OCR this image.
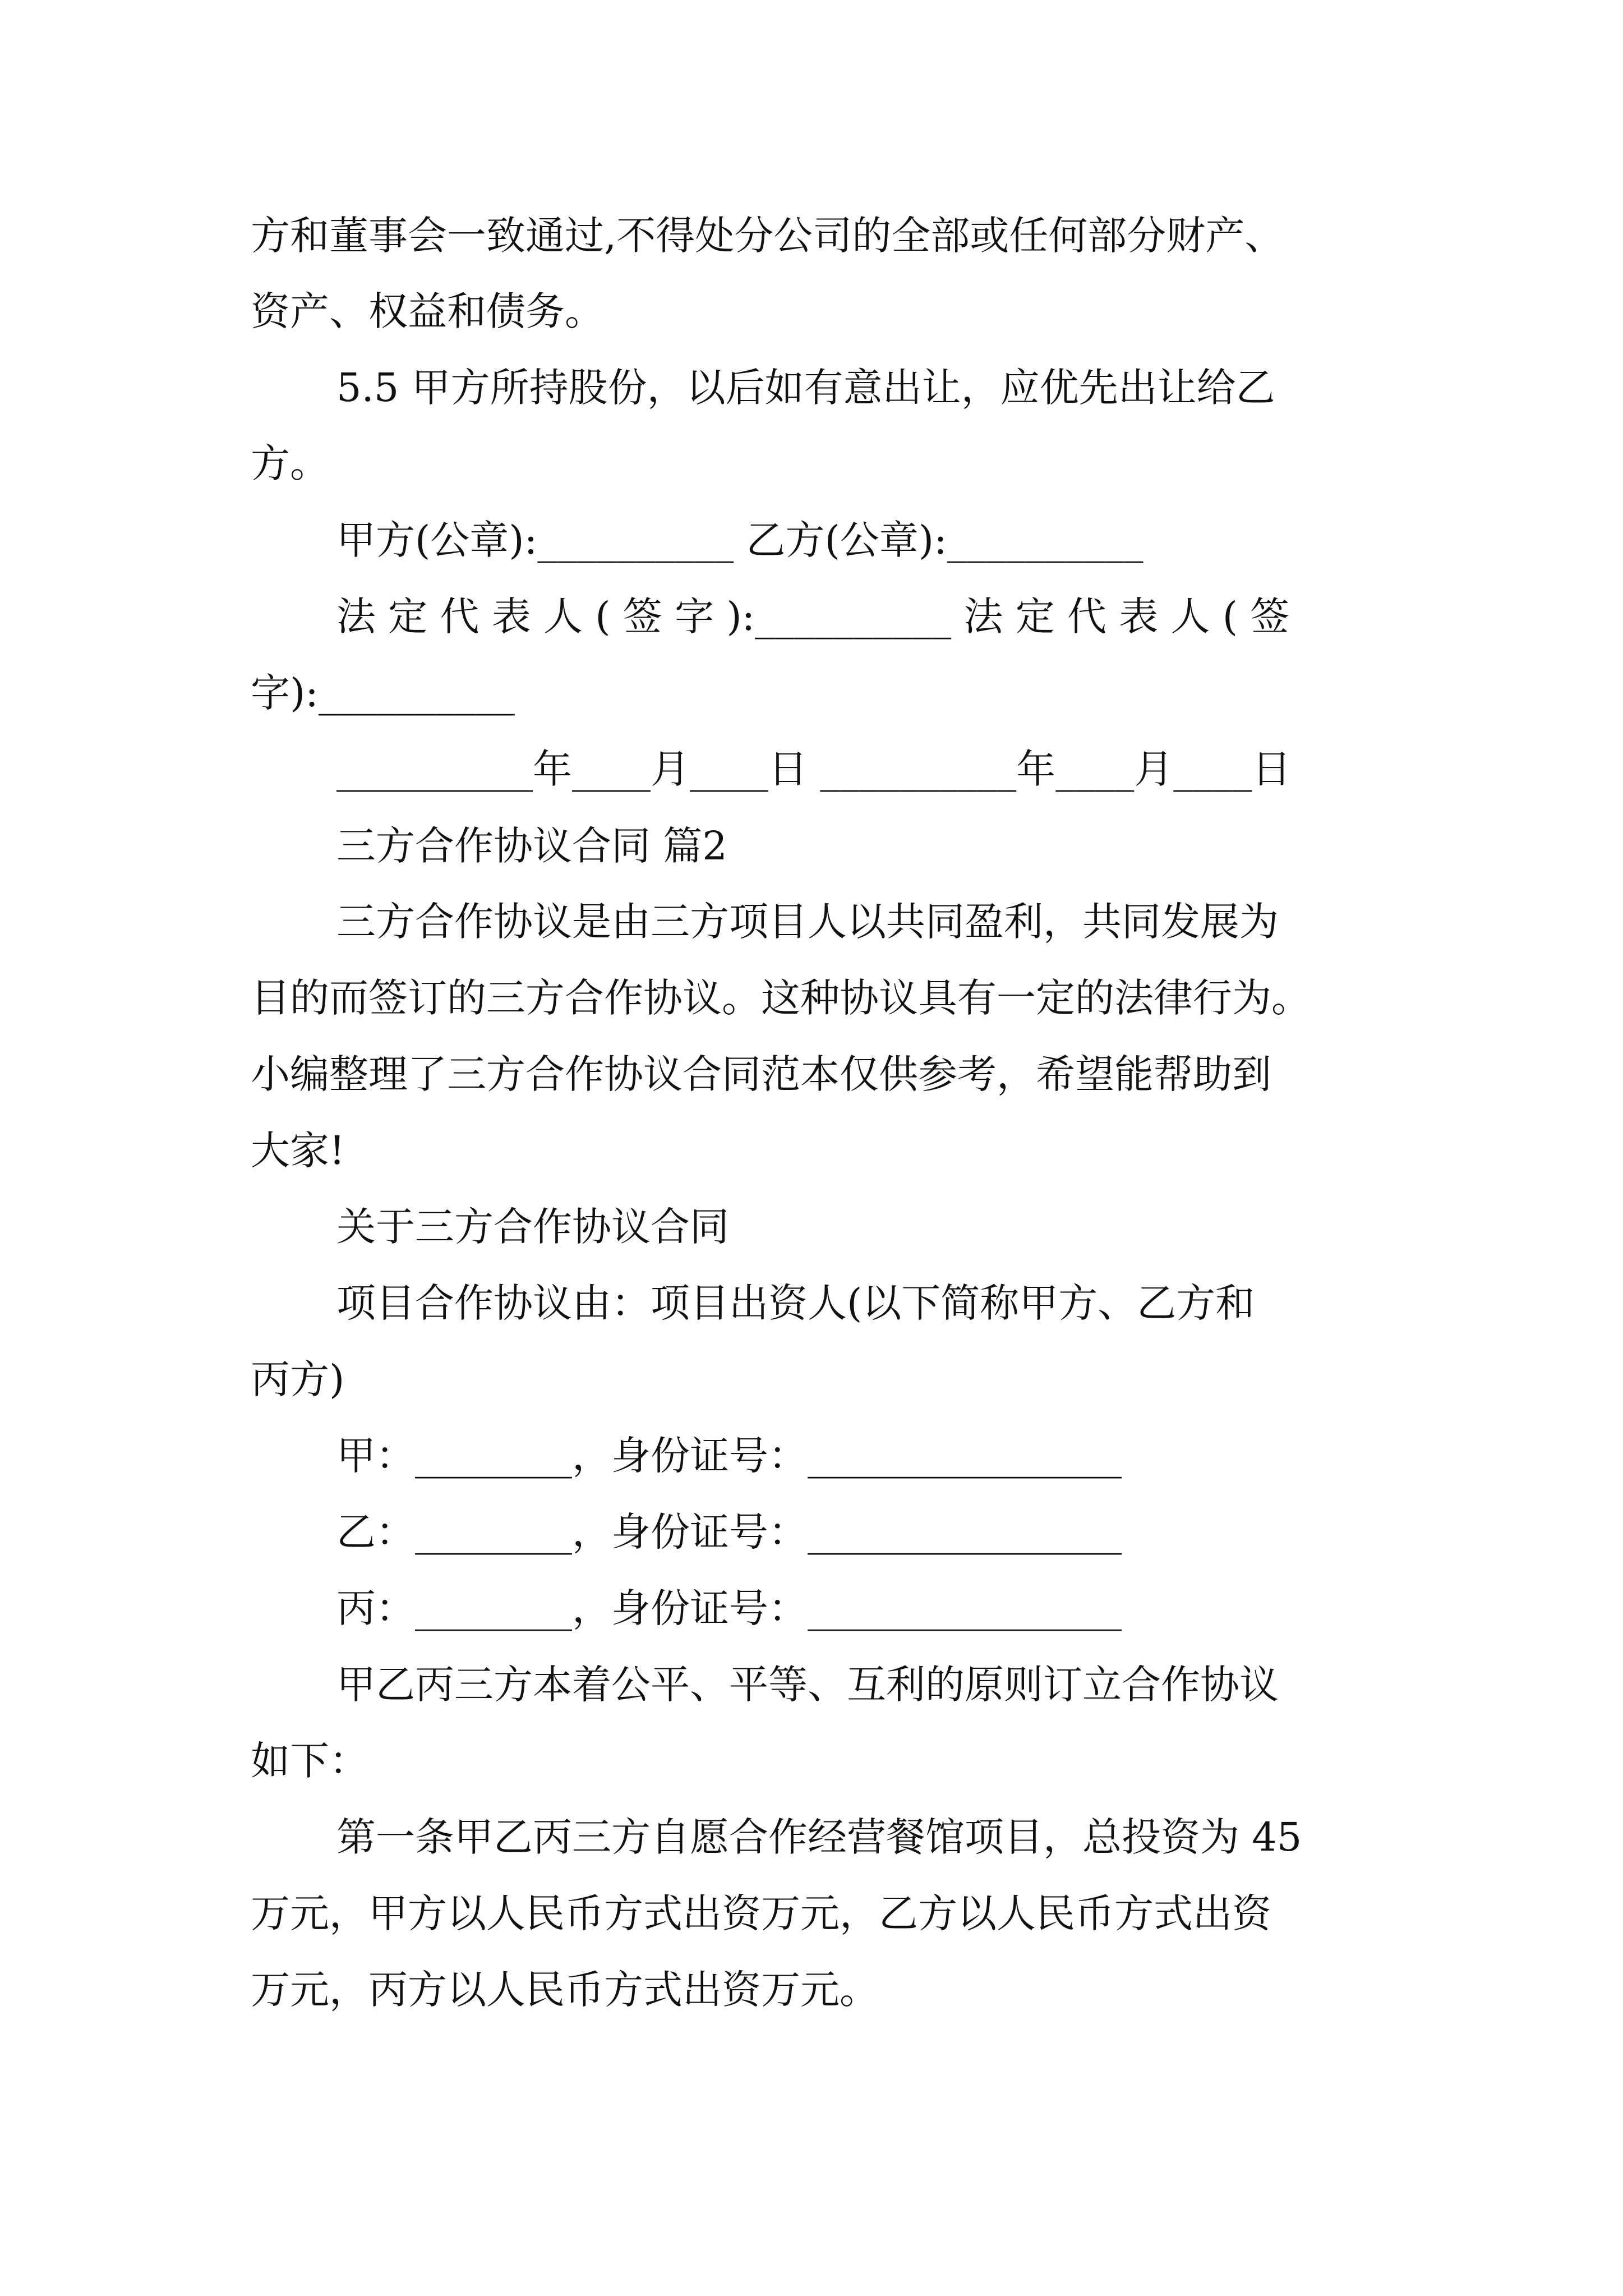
方和董事会一致通过,不得处分公司的全部或任何部分财产、
资产、权益和债务。
5.5 甲方所持股份，以后如有意出让，应优先出让给乙
方。
甲方(公章):__________ 乙方(公章):__________
法 定 代 表 人 ( 签 字 ):__________ 法 定 代 表 人 ( 签
字):__________
__________年____月____日 __________年____月____日
三方合作协议合同 篇2
三方合作协议是由三方项目人以共同盈利，共同发展为
目的而签订的三方合作协议。这种协议具有一定的法律行为。
小编整理了三方合作协议合同范本仅供参考，希望能帮助到
大家!
关于三方合作协议合同
项目合作协议由：项目出资人(以下简称甲方、乙方和
丙方)
甲：________，身份证号：________________
乙：________，身份证号：________________
丙：________，身份证号：________________
甲乙丙三方本着公平、平等、互利的原则订立合作协议
如下：
第一条甲乙丙三方自愿合作经营餐馆项目，总投资为 45
万元，甲方以人民币方式出资万元，乙方以人民币方式出资
万元，丙方以人民币方式出资万元。
